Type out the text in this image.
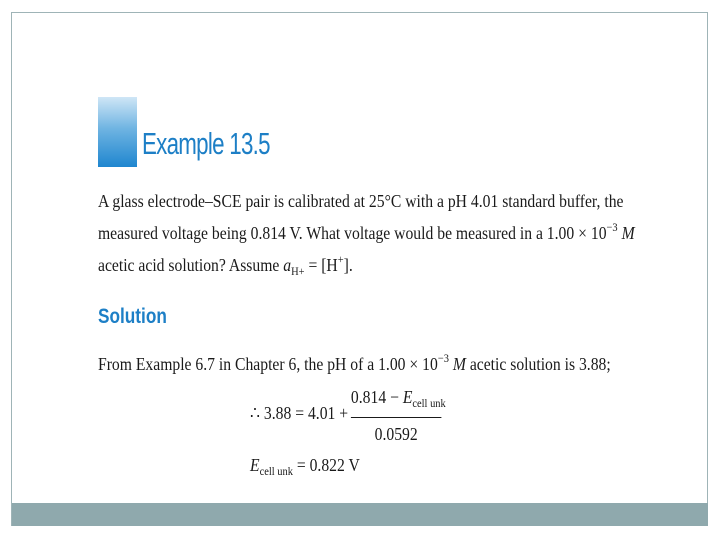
Example 13.5
A glass electrode–SCE pair is calibrated at 25°C with a pH 4.01 standard buffer, the
measured voltage being 0.814 V. What voltage would be measured in a $1.00 \times 10^{-3}$ M
acetic acid solution? Assume $a_{H+} = [H^+]$.
Solution
From Example 6.7 in Chapter 6, the pH of a $1.00 \times 10^{-3}$ M acetic solution is 3.88;
∴ 3.88 = 4.01 +
$0.814 - E_{cell unk}$
0.0592
$E_{cell unk} = 0.822$ V
